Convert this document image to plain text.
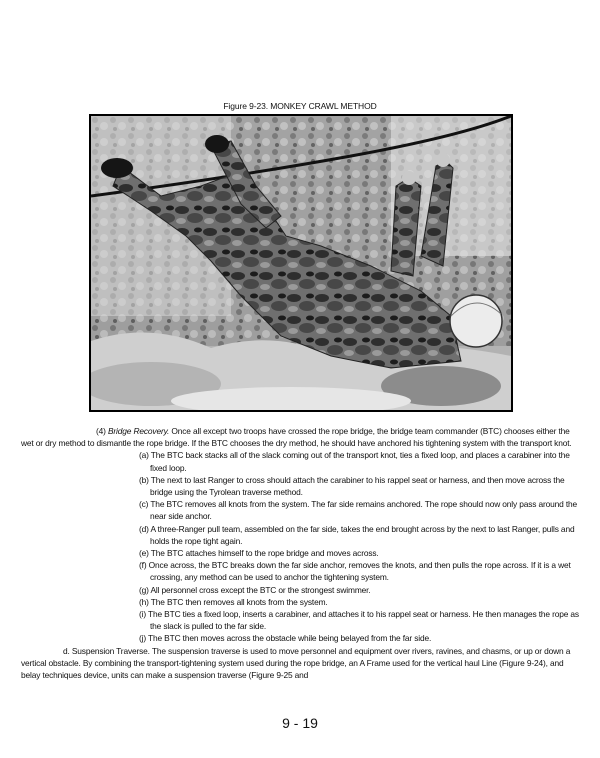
Figure 9-23. MONKEY CRAWL METHOD

(4) Bridge Recovery. Once all except two troops have crossed the rope bridge, the bridge team commander (BTC) chooses either the wet or dry method to dismantle the rope bridge. If the BTC chooses the dry method, he should have anchored his tightening system with the transport knot.

(a) The BTC back stacks all of the slack coming out of the transport knot, ties a fixed loop, and places a carabiner into the fixed loop.

(b) The next to last Ranger to cross should attach the carabiner to his rappel seat or harness, and then move across the bridge using the Tyrolean traverse method.

(c) The BTC removes all knots from the system. The far side remains anchored. The rope should now only pass around the near side anchor.

(d) A three-Ranger pull team, assembled on the far side, takes the end brought across by the next to last Ranger, pulls and holds the rope tight again.

(e) The BTC attaches himself to the rope bridge and moves across.

(f) Once across, the BTC breaks down the far side anchor, removes the knots, and then pulls the rope across. If it is a wet crossing, any method can be used to anchor the tightening system.

(g) All personnel cross except the BTC or the strongest swimmer.

(h) The BTC then removes all knots from the system.

(i) The BTC ties a fixed loop, inserts a carabiner, and attaches it to his rappel seat or harness. He then manages the rope as the slack is pulled to the far side.

(j) The BTC then moves across the obstacle while being belayed from the far side.

d. Suspension Traverse. The suspension traverse is used to move personnel and equipment over rivers, ravines, and chasms, or up or down a vertical obstacle. By combining the transport-tightening system used during the rope bridge, an A Frame used for the vertical haul Line (Figure 9-24), and belay techniques device, units can make a suspension traverse (Figure 9-25 and

9 - 19
